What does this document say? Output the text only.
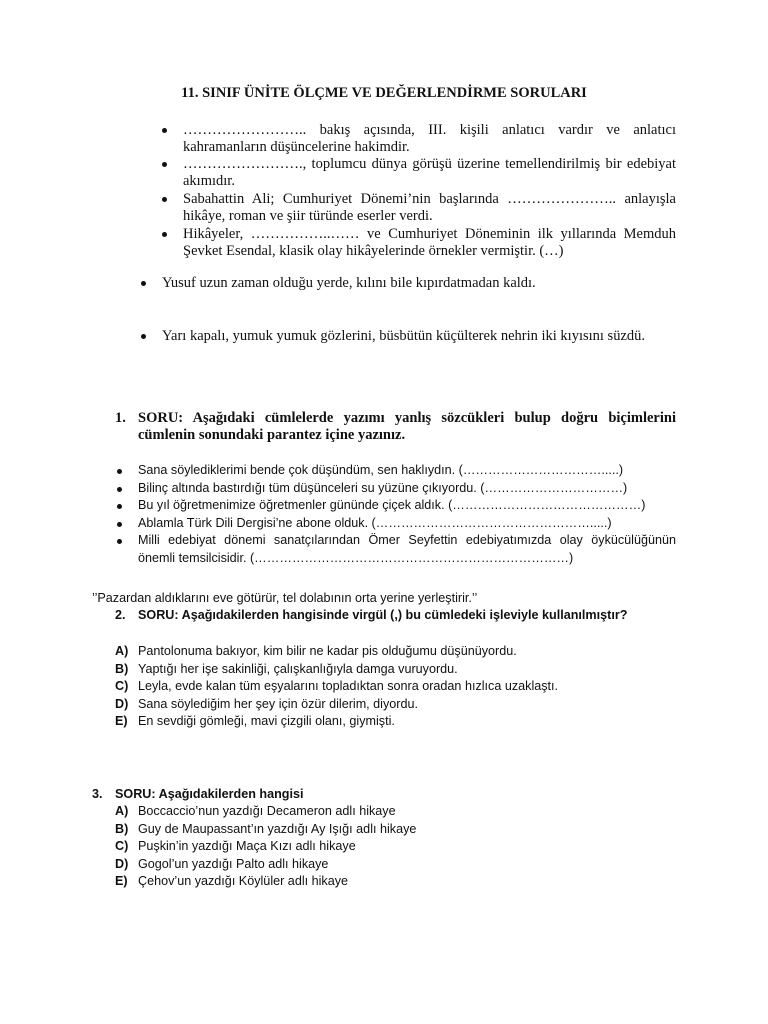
11. SINIF ÜNİTE ÖLÇME VE DEĞERLENDİRME SORULARI
…………………….. bakış açısında, III. kişili anlatıcı vardır ve anlatıcı kahramanların düşüncelerine hakimdir.
……………………., toplumcu dünya görüşü üzerine temellendirilmiş bir edebiyat akımıdır.
Sabahattin Ali; Cumhuriyet Dönemi’nin başlarında ………………….. anlayışla hikâye, roman ve şiir türünde eserler verdi.
Hikâyeler, ……………..…… ve Cumhuriyet Döneminin ilk yıllarında Memduh Şevket Esendal, klasik olay hikâyelerinde örnekler vermiştir. (…)
Yusuf uzun zaman olduğu yerde, kılını bile kıpırdatmadan kaldı.
Yarı kapalı, yumuk yumuk gözlerini, büsbütün küçülterek nehrin iki kıyısını süzdü.
1. SORU: Aşağıdaki cümlelerde yazımı yanlış sözcükleri bulup doğru biçimlerini cümlenin sonundaki parantez içine yazınız.
Sana söylediklerimi bende çok düşündüm, sen haklıydın. (…………………………….....)
Bilinç altında bastırdığı tüm düşünceleri su yüzüne çıkıyordu. (……………………………)
Bu yıl öğretmenimize öğretmenler gününde çiçek aldık. (………………………………………)
Ablamla Türk Dili Dergisi’ne abone olduk. (…………………………………………….....)
Milli edebiyat dönemi sanatçılarından Ömer Seyfettin edebiyatımızda olay öykücülüğünün önemli temsilcisidir. (…………………………………………………………………)
’’Pazardan aldıklarını eve götürür, tel dolabının orta yerine yerleştirir.’’
2. SORU: Aşağıdakilerden hangisinde virgül (,) bu cümledeki işleviyle kullanılmıştır?
A) Pantolonuma bakıyor, kim bilir ne kadar pis olduğumu düşünüyordu.
B) Yaptığı her işe sakinliği, çalışkanlığıyla damga vuruyordu.
C) Leyla, evde kalan tüm eşyalarını topladıktan sonra oradan hızlıca uzaklaştı.
D) Sana söylediğim her şey için özür dilerim, diyordu.
E) En sevdiği gömleği, mavi çizgili olanı, giymişti.
3. SORU: Aşağıdakilerden hangisi
A) Boccaccio’nun yazdığı Decameron adlı hikaye
B) Guy de Maupassant’ın yazdığı Ay Işığı adlı hikaye
C) Puşkin’in yazdığı Maça Kızı adlı hikaye
D) Gogol’un yazdığı Palto adlı hikaye
E) Çehov’un yazdığı Köylüler adlı hikaye
